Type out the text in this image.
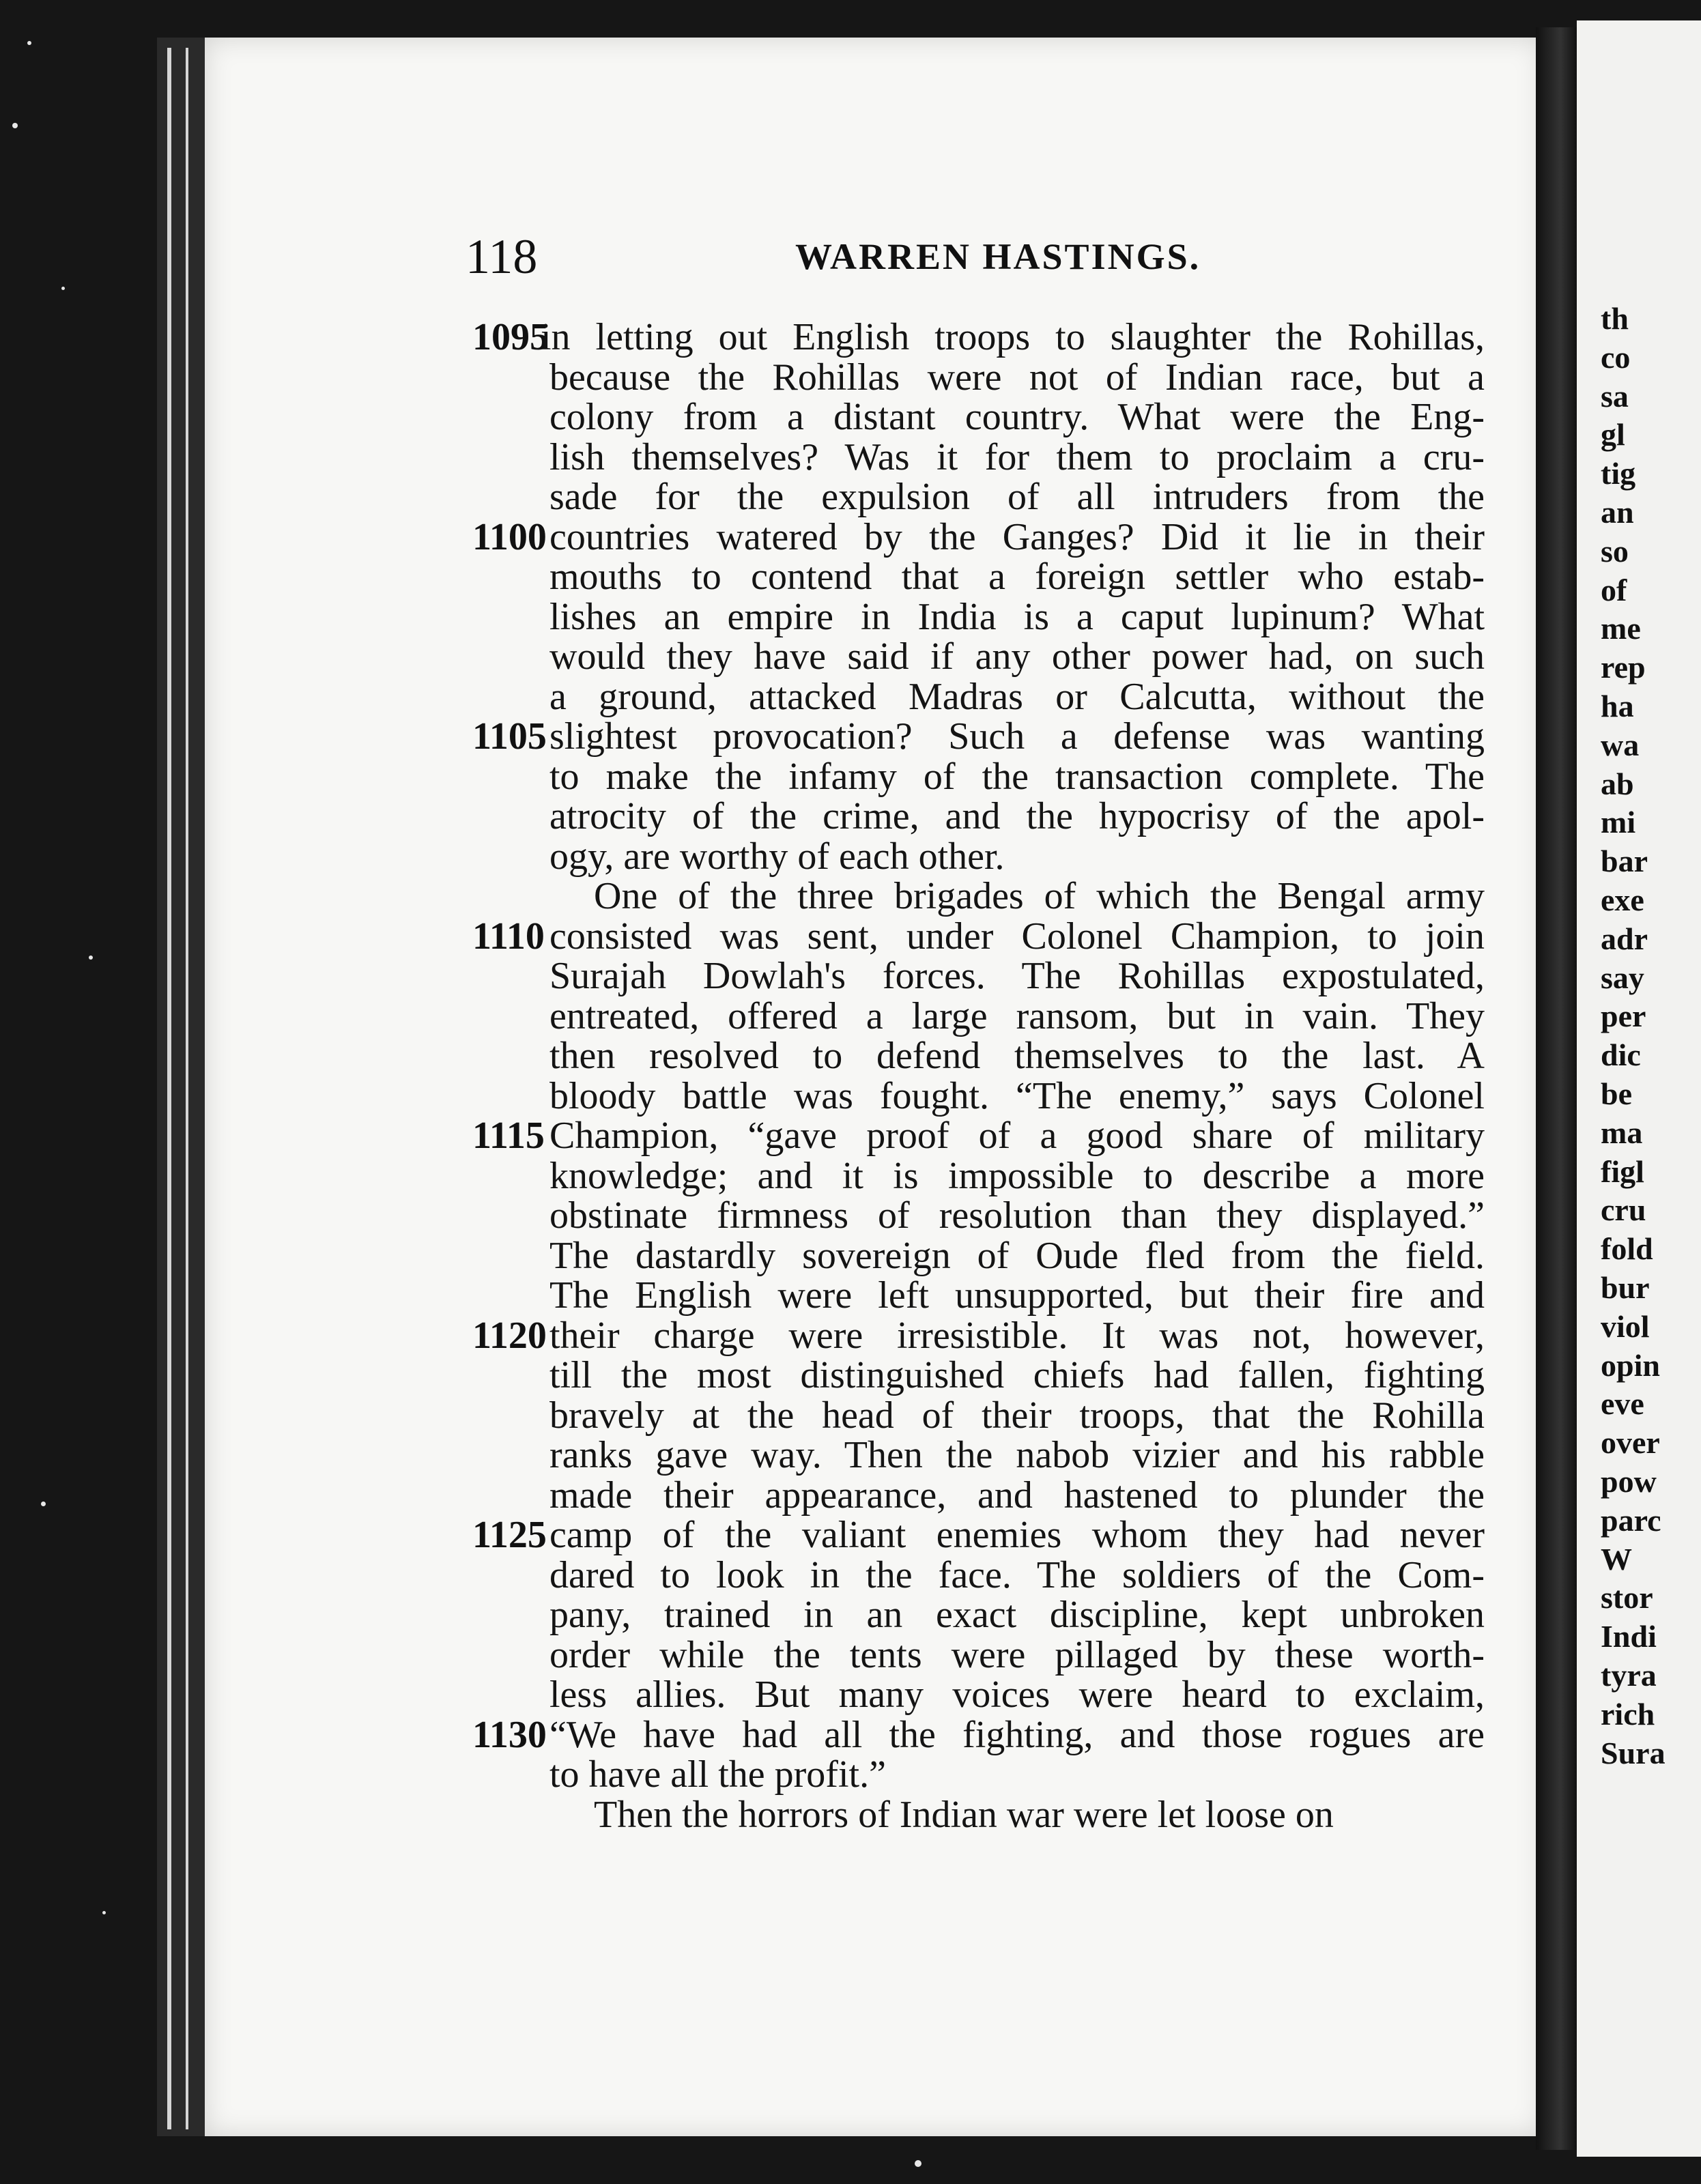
118	WARREN HASTINGS.
1095
in letting out English troops to slaughter the Rohillas,
because the Rohillas were not of Indian race, but a
colony from a distant country. What were the Eng-
lish themselves? Was it for them to proclaim a cru-
sade for the expulsion of all intruders from the
1100 countries watered by the Ganges? Did it lie in their
mouths to contend that a foreign settler who estab-
lishes an empire in India is a caput lupinum? What
would they have said if any other power had, on such
a ground, attacked Madras or Calcutta, without the
1105 slightest provocation? Such a defense was wanting
to make the infamy of the transaction complete. The
atrocity of the crime, and the hypocrisy of the apol-
ogy, are worthy of each other.
One of the three brigades of which the Bengal army
1110 consisted was sent, under Colonel Champion, to join
Surajah Dowlah's forces. The Rohillas expostulated,
entreated, offered a large ransom, but in vain. They
then resolved to defend themselves to the last. A
bloody battle was fought. “The enemy,” says Colonel
1115 Champion, “gave proof of a good share of military
knowledge; and it is impossible to describe a more
obstinate firmness of resolution than they displayed.”
The dastardly sovereign of Oude fled from the field.
The English were left unsupported, but their fire and
1120 their charge were irresistible. It was not, however,
till the most distinguished chiefs had fallen, fighting
bravely at the head of their troops, that the Rohilla
ranks gave way. Then the nabob vizier and his rabble
made their appearance, and hastened to plunder the
1125 camp of the valiant enemies whom they had never
dared to look in the face. The soldiers of the Com-
pany, trained in an exact discipline, kept unbroken
order while the tents were pillaged by these worth-
less allies. But many voices were heard to exclaim,
1130 “We have had all the fighting, and those rogues are
to have all the profit.”
Then the horrors of Indian war were let loose on
th
co
sa
gl
tig
an
so
of
me
rep
ha
wa
ab
mi
bar
exe
adr
say
per
dic
be
ma
figl
cru
fold
bur
viol
opin
eve
over
pow
parc
W
stor
Indi
tyra
rich
Sura
